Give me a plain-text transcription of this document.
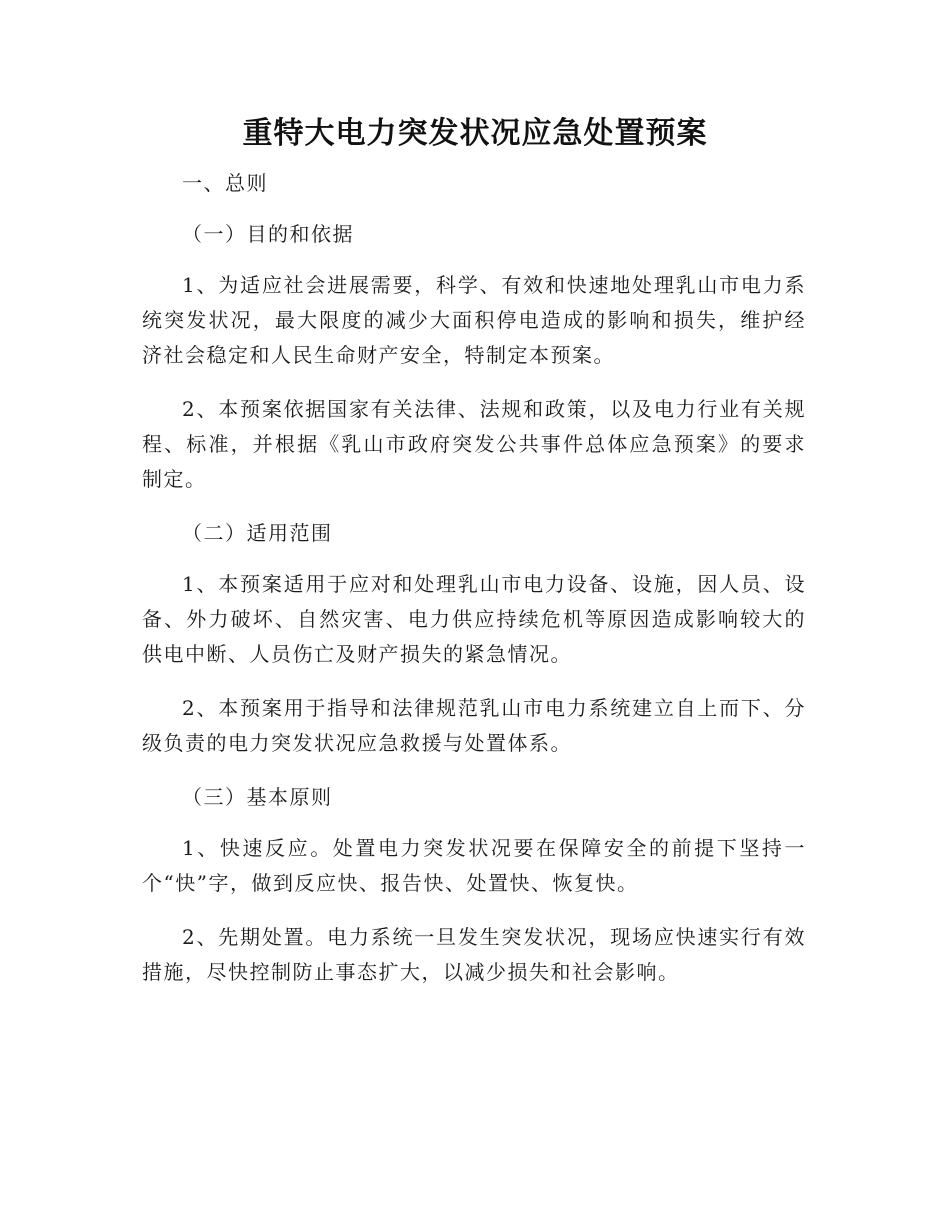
重特大电力突发状况应急处置预案

一、总则

（一）目的和依据

1、为适应社会进展需要，科学、有效和快速地处理乳山市电力系统突发状况，最大限度的减少大面积停电造成的影响和损失，维护经济社会稳定和人民生命财产安全，特制定本预案。

2、本预案依据国家有关法律、法规和政策，以及电力行业有关规程、标准，并根据《乳山市政府突发公共事件总体应急预案》的要求制定。

（二）适用范围

1、本预案适用于应对和处理乳山市电力设备、设施，因人员、设备、外力破坏、自然灾害、电力供应持续危机等原因造成影响较大的供电中断、人员伤亡及财产损失的紧急情况。

2、本预案用于指导和法律规范乳山市电力系统建立自上而下、分级负责的电力突发状况应急救援与处置体系。

（三）基本原则

1、快速反应。处置电力突发状况要在保障安全的前提下坚持一个“快”字，做到反应快、报告快、处置快、恢复快。

2、先期处置。电力系统一旦发生突发状况，现场应快速实行有效措施，尽快控制防止事态扩大，以减少损失和社会影响。
